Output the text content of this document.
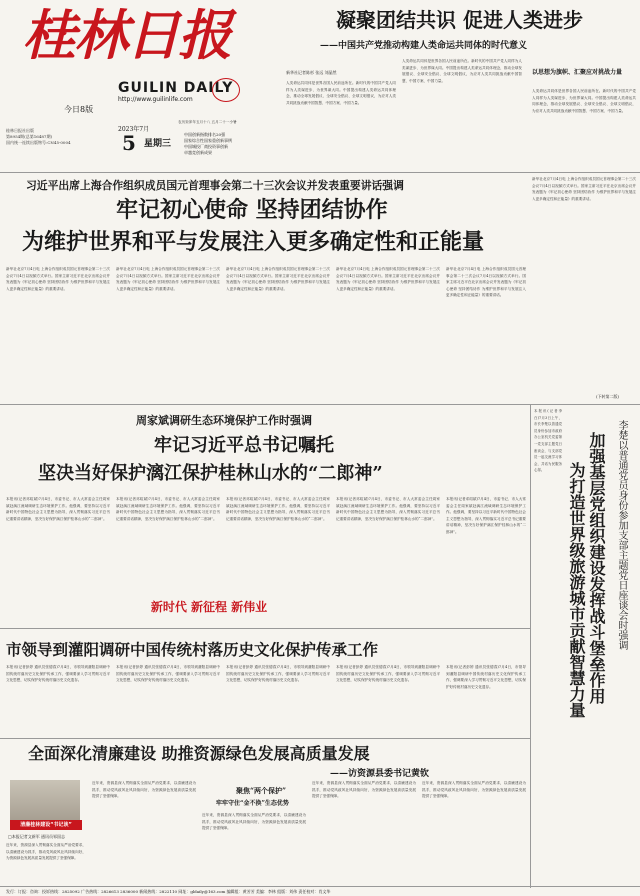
桂林日报
今日8版
GUILIN DAILY
http://www.guilinlife.com
桂林日报社出版
第8954期(总第16487期)
国内统一连续出版物号:CN45-0004
2023年7月
5 星期三
农历癸卯年五月十八 五月二十一小暑
中国创新指数排名20强
国家综合性国家重创新事例
中国城投厂商投资事创新
卓越竞创新成果
凝聚团结共识 促进人类进步
——中国共产党推动构建人类命运共同体的时代意义
新华社记者陈杉 张远 刘晶然	以思想为旗帜、汇聚应对挑战力量
人类命运共同体是世界各国人民前途所在。新时代的中国共产党人同样为人类谋进步、为世界谋大同。中国提出构建人类命运共同体理念，推动全球发展倡议、全球安全倡议、全球文明倡议，为应对人类共同挑战贡献中国智慧、中国方案、中国力量。
人类命运共同体是世界各国人民前途所在。新时代的中国共产党人同样为人类谋进步、为世界谋大同。中国提出构建人类命运共同体理念，推动全球发展倡议、全球安全倡议、全球文明倡议，为应对人类共同挑战贡献中国智慧、中国方案、中国力量。
人类命运共同体是世界各国人民前途所在。新时代的中国共产党人同样为人类谋进步、为世界谋大同。中国提出构建人类命运共同体理念，推动全球发展倡议、全球安全倡议、全球文明倡议，为应对人类共同挑战贡献中国智慧、中国方案、中国力量。
习近平出席上海合作组织成员国元首理事会第二十三次会议并发表重要讲话强调
牢记初心使命 坚持团结协作
为维护世界和平与发展注入更多确定性和正能量
新华社北京7月4日电 上海合作组织成员国元首理事会第二十三次会议7月4日以视频方式举行。国家主席习近平在北京出席会议并发表题为《牢记初心使命 坚持团结协作 为维护世界和平与发展注入更多确定性和正能量》的重要讲话。
新华社北京7月4日电 上海合作组织成员国元首理事会第二十三次会议7月4日以视频方式举行。国家主席习近平在北京出席会议并发表题为《牢记初心使命 坚持团结协作 为维护世界和平与发展注入更多确定性和正能量》的重要讲话。
新华社北京7月4日电 上海合作组织成员国元首理事会第二十三次会议7月4日以视频方式举行。国家主席习近平在北京出席会议并发表题为《牢记初心使命 坚持团结协作 为维护世界和平与发展注入更多确定性和正能量》的重要讲话。
新华社北京7月4日电 上海合作组织成员国元首理事会第二十三次会议7月4日以视频方式举行。国家主席习近平在北京出席会议并发表题为《牢记初心使命 坚持团结协作 为维护世界和平与发展注入更多确定性和正能量》的重要讲话。
新华社北京7月4日电 上海合作组织成员国元首理事会第二十三次会议7月4日以视频方式举行。国家主席习近平在北京出席会议并发表题为《牢记初心使命 坚持团结协作 为维护世界和平与发展注入更多确定性和正能量》的重要讲话。
新华社北京7月4日电 上海合作组织成员国元首理事会第二十三次会议7月4日以视频方式举行。国家主席习近平在北京出席会议并发表题为《牢记初心使命 坚持团结协作 为维护世界和平与发展注入更多确定性和正能量》的重要讲话。
(下转第二版)
周家斌调研生态环境保护工作时强调
牢记习近平总书记嘱托
坚决当好保护漓江保护桂林山水的“二郎神”
本报讯(记者邓绍斌)7月4日，市委书记、市人大常委会主任周家斌赴漓江流域调研生态环境保护工作。他强调，要坚持以习近平新时代中国特色社会主义思想为指导，深入贯彻落实习近平总书记重要讲话精神，坚决当好保护漓江保护桂林山水的“二郎神”。
本报讯(记者邓绍斌)7月4日，市委书记、市人大常委会主任周家斌赴漓江流域调研生态环境保护工作。他强调，要坚持以习近平新时代中国特色社会主义思想为指导，深入贯彻落实习近平总书记重要讲话精神，坚决当好保护漓江保护桂林山水的“二郎神”。
本报讯(记者邓绍斌)7月4日，市委书记、市人大常委会主任周家斌赴漓江流域调研生态环境保护工作。他强调，要坚持以习近平新时代中国特色社会主义思想为指导，深入贯彻落实习近平总书记重要讲话精神，坚决当好保护漓江保护桂林山水的“二郎神”。
本报讯(记者邓绍斌)7月4日，市委书记、市人大常委会主任周家斌赴漓江流域调研生态环境保护工作。他强调，要坚持以习近平新时代中国特色社会主义思想为指导，深入贯彻落实习近平总书记重要讲话精神，坚决当好保护漓江保护桂林山水的“二郎神”。
本报讯(记者邓绍斌)7月4日，市委书记、市人大常委会主任周家斌赴漓江流域调研生态环境保护工作。他强调，要坚持以习近平新时代中国特色社会主义思想为指导，深入贯彻落实习近平总书记重要讲话精神，坚决当好保护漓江保护桂林山水的“二郎神”。
新时代 新征程 新伟业
市领导到灌阳调研中国传统村落历史文化保护传承工作
本报讯(记者彭婷 通讯员张德春)7月4日，市领导到灌阳县调研中国传统村落历史文化保护传承工作，强调要深入学习贯彻习近平文化思想，切实保护好传统村落历史文化遗存。
本报讯(记者彭婷 通讯员张德春)7月4日，市领导到灌阳县调研中国传统村落历史文化保护传承工作，强调要深入学习贯彻习近平文化思想，切实保护好传统村落历史文化遗存。
本报讯(记者彭婷 通讯员张德春)7月4日，市领导到灌阳县调研中国传统村落历史文化保护传承工作，强调要深入学习贯彻习近平文化思想，切实保护好传统村落历史文化遗存。
本报讯(记者彭婷 通讯员张德春)7月4日，市领导到灌阳县调研中国传统村落历史文化保护传承工作，强调要深入学习贯彻习近平文化思想，切实保护好传统村落历史文化遗存。
本报讯(记者彭婷 通讯员张德春)7月4日，市领导到灌阳县调研中国传统村落历史文化保护传承工作，强调要深入学习贯彻习近平文化思想，切实保护好传统村落历史文化遗存。
全面深化清廉建设 助推资源绿色发展高质量发展
——访资源县委书记黄钦
清廉桂林建设“书记谈”
□本报记者文新军 通讯员邹国志
近年来，资源县深入贯彻落实全面从严治党要求，以清廉建设为抓手，推动党风政风社风持续向好，为资源绿色发展高质量发展提供了坚强保障。
近年来，资源县深入贯彻落实全面从严治党要求，以清廉建设为抓手，推动党风政风社风持续向好，为资源绿色发展高质量发展提供了坚强保障。
近年来，资源县深入贯彻落实全面从严治党要求，以清廉建设为抓手，推动党风政风社风持续向好，为资源绿色发展高质量发展提供了坚强保障。
近年来，资源县深入贯彻落实全面从严治党要求，以清廉建设为抓手，推动党风政风社风持续向好，为资源绿色发展高质量发展提供了坚强保障。
近年来，资源县深入贯彻落实全面从严治党要求，以清廉建设为抓手，推动党风政风社风持续向好，为资源绿色发展高质量发展提供了坚强保障。
聚焦“两个保护”
牢牢守住“金不换”生态优势
加强基层党组织建设发挥战斗堡垒作用
为打造世界级旅游城市贡献智慧力量	李楚以普通党员身份参加支部主题党日座谈会时强调
本报讯(记者李白)7月3日上午，市长李楚以普通党员身份参加市政府办公室机关党委第一党支部主题党日座谈会，与支部党员一起交流学习体会，共话为民服务心得。
发行：订报：咨询：投诉热线：2825092 广告热线：2826613 2836000 新闻热线：2822110 网址：gldaily@163.com 编辑组：黄芳芳 美编：李林 组版：刘伟 责任校对：肖文华
